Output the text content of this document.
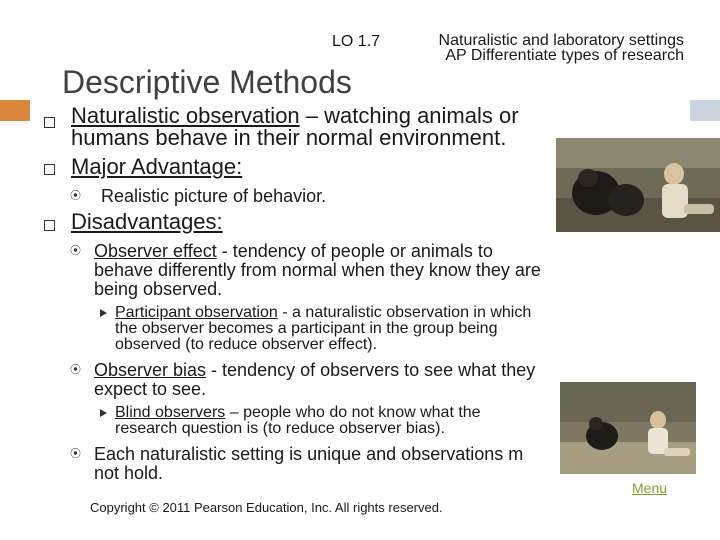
LO 1.7	Naturalistic and laboratory settings
AP Differentiate types of research
Descriptive Methods
Naturalistic observation – watching animals or
humans behave in their normal environment.
Major Advantage:
⦿ Realistic picture of behavior.
Disadvantages:
⦿ Observer effect - tendency of people or animals to
behave differently from normal when they know they are
being observed.
Participant observation - a naturalistic observation in which
the observer becomes a participant in the group being
observed (to reduce observer effect).
⦿ Observer bias - tendency of observers to see what they
expect to see.
Blind observers – people who do not know what the
research question is (to reduce observer bias).
⦿ Each naturalistic setting is unique and observations m
not hold.
Copyright © 2011 Pearson Education, Inc. All rights reserved.
Menu
